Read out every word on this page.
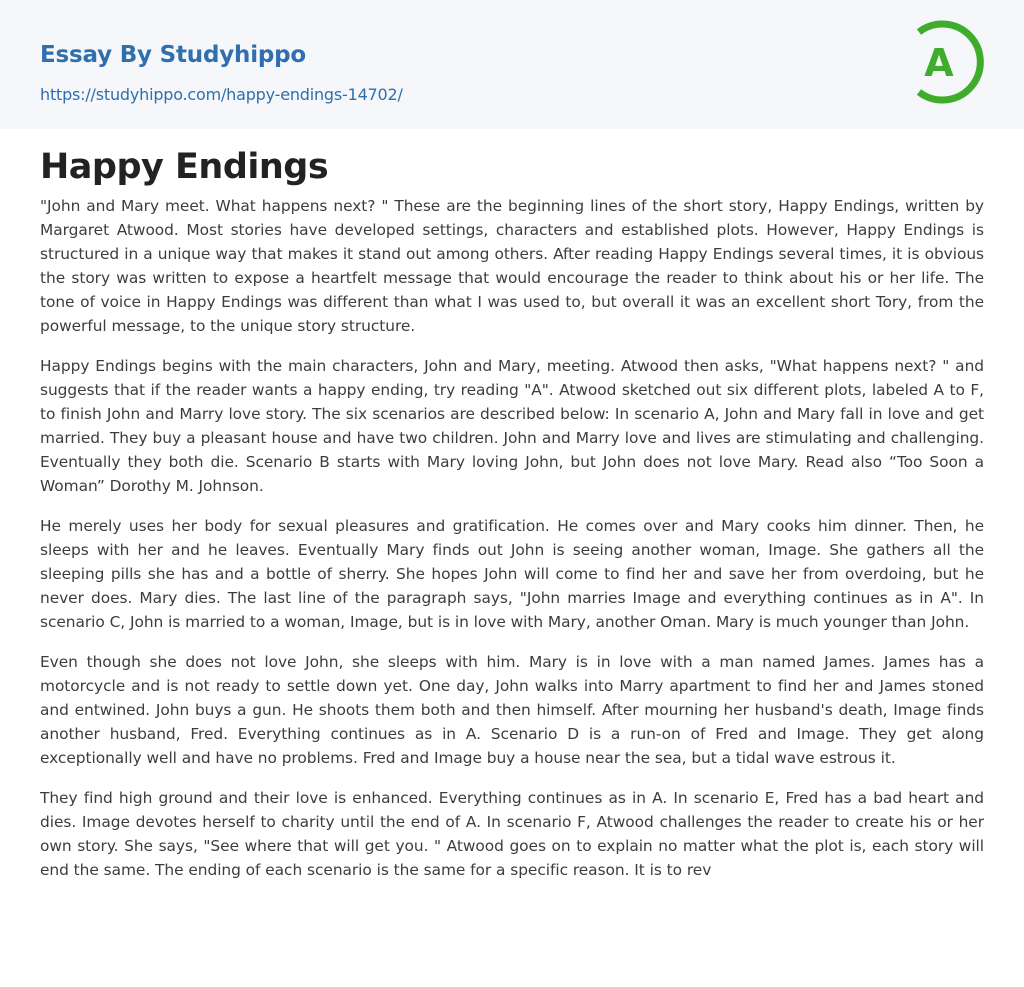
Essay By Studyhippo
https://studyhippo.com/happy-endings-14702/
A
Happy Endings

"John and Mary meet. What happens next? " These are the beginning lines of the short story, Happy Endings, written by Margaret Atwood. Most stories have developed settings, characters and established plots. However, Happy Endings is structured in a unique way that makes it stand out among others. After reading Happy Endings several times, it is obvious the story was written to expose a heartfelt message that would encourage the reader to think about his or her life. The tone of voice in Happy Endings was different than what I was used to, but overall it was an excellent short Tory, from the powerful message, to the unique story structure.

Happy Endings begins with the main characters, John and Mary, meeting. Atwood then asks, "What happens next? " and suggests that if the reader wants a happy ending, try reading "A". Atwood sketched out six different plots, labeled A to F, to finish John and Marry love story. The six scenarios are described below: In scenario A, John and Mary fall in love and get married. They buy a pleasant house and have two children. John and Marry love and lives are stimulating and challenging. Eventually they both die. Scenario B starts with Mary loving John, but John does not love Mary. Read also “Too Soon a Woman” Dorothy M. Johnson.

He merely uses her body for sexual pleasures and gratification. He comes over and Mary cooks him dinner. Then, he sleeps with her and he leaves. Eventually Mary finds out John is seeing another woman, Image. She gathers all the sleeping pills she has and a bottle of sherry. She hopes John will come to find her and save her from overdoing, but he never does. Mary dies. The last line of the paragraph says, "John marries Image and everything continues as in A". In scenario C, John is married to a woman, Image, but is in love with Mary, another Oman. Mary is much younger than John.

Even though she does not love John, she sleeps with him. Mary is in love with a man named James. James has a motorcycle and is not ready to settle down yet. One day, John walks into Marry apartment to find her and James stoned and entwined. John buys a gun. He shoots them both and then himself. After mourning her husband's death, Image finds another husband, Fred. Everything continues as in A. Scenario D is a run-on of Fred and Image. They get along exceptionally well and have no problems. Fred and Image buy a house near the sea, but a tidal wave estrous it.

They find high ground and their love is enhanced. Everything continues as in A. In scenario E, Fred has a bad heart and dies. Image devotes herself to charity until the end of A. In scenario F, Atwood challenges the reader to create his or her own story. She says, "See where that will get you. " Atwood goes on to explain no matter what the plot is, each story will end the same. The ending of each scenario is the same for a specific reason. It is to rev
